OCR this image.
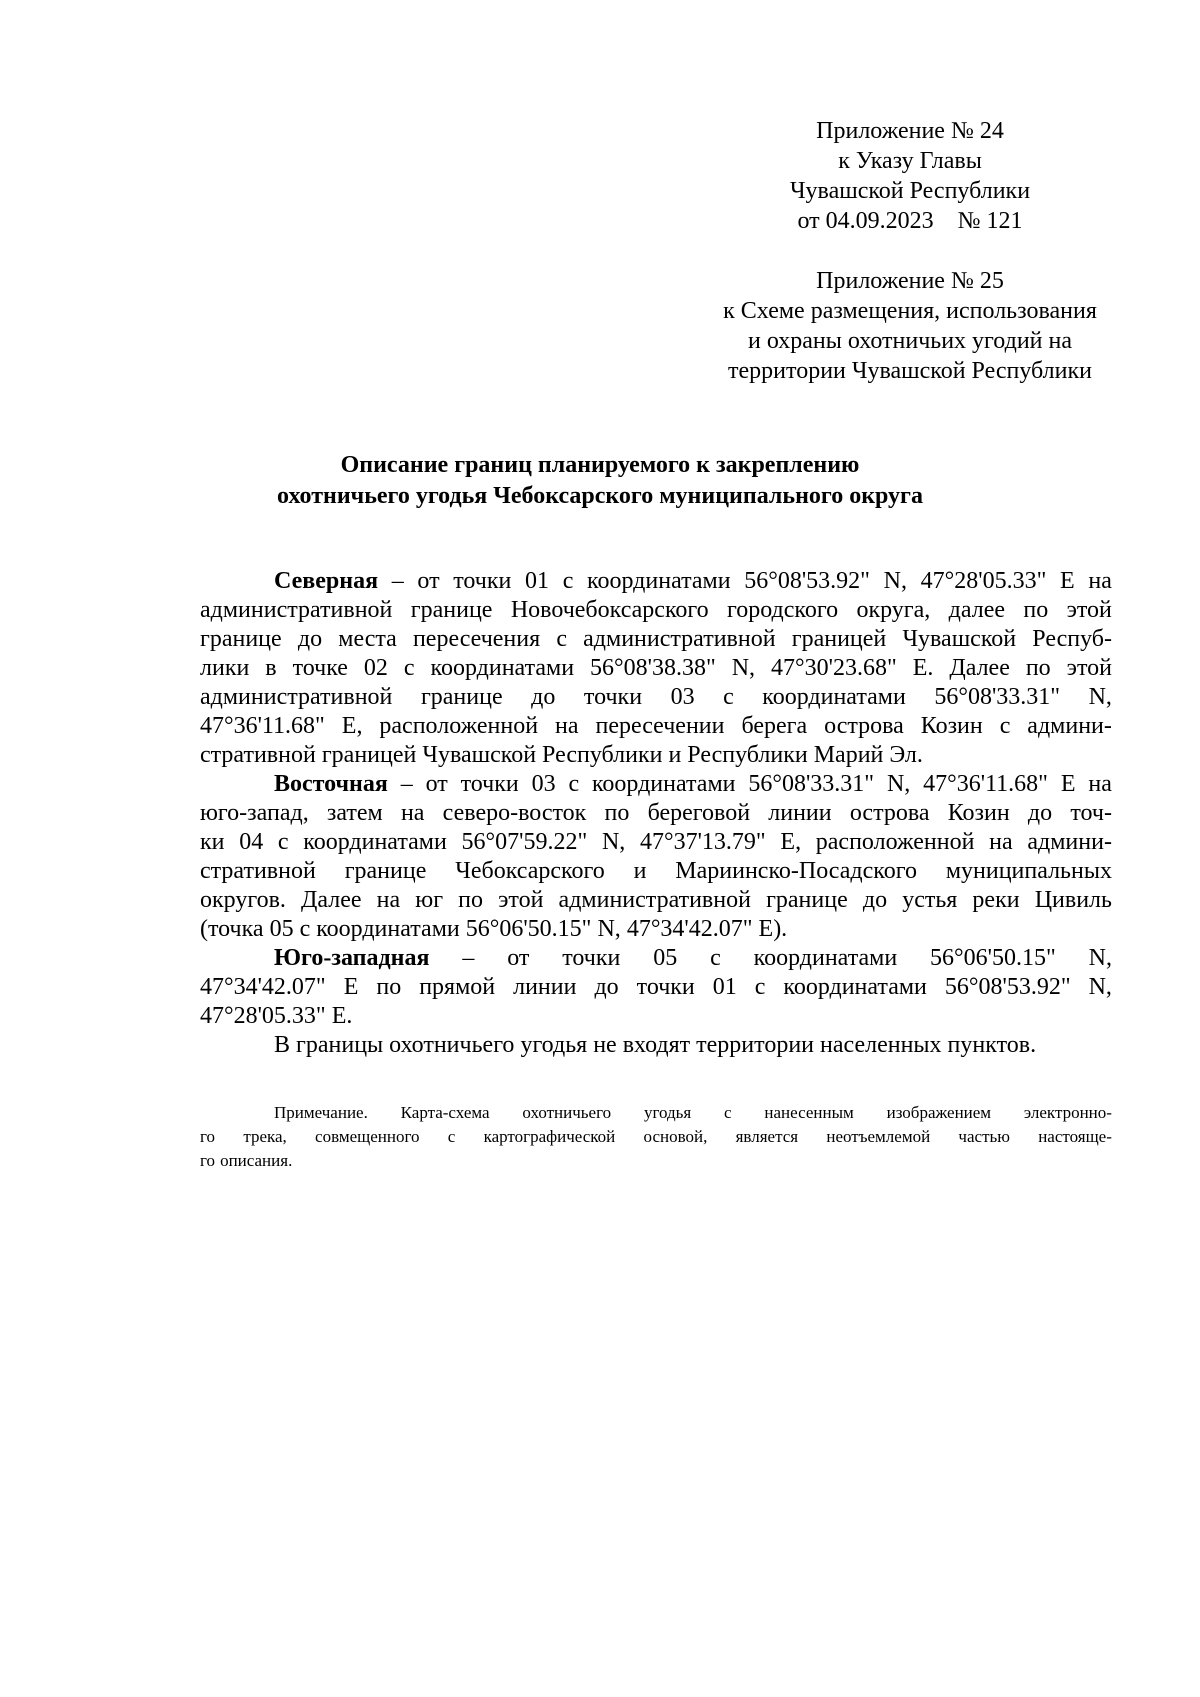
Приложение № 24
к Указу Главы
Чувашской Республики
от 04.09.2023    № 121
Приложение № 25
к Схеме размещения, использования
и охраны охотничьих угодий на
территории Чувашской Республики
Описание границ планируемого к закреплению
охотничьего угодья Чебоксарского муниципального округа
Северная – от точки 01 с координатами 56°08'53.92" N, 47°28'05.33" E на
административной границе Новочебоксарского городского округа, далее по этой
границе до места пересечения с административной границей Чувашской Респуб-
лики в точке 02 с координатами 56°08'38.38" N, 47°30'23.68" E. Далее по этой
административной границе до точки 03 с координатами 56°08'33.31" N,
47°36'11.68" E, расположенной на пересечении берега острова Козин с админи-
стративной границей Чувашской Республики и Республики Марий Эл.
Восточная – от точки 03 с координатами 56°08'33.31" N, 47°36'11.68" E на
юго-запад, затем на северо-восток по береговой линии острова Козин до точ-
ки 04 с координатами 56°07'59.22" N, 47°37'13.79" E, расположенной на админи-
стративной границе Чебоксарского и Мариинско-Посадского муниципальных
округов. Далее на юг по этой административной границе до устья реки Цивиль
(точка 05 с координатами 56°06'50.15" N, 47°34'42.07" E).
Юго-западная – от точки 05 с координатами 56°06'50.15" N,
47°34'42.07" E по прямой линии до точки 01 с координатами 56°08'53.92" N,
47°28'05.33" E.
В границы охотничьего угодья не входят территории населенных пунктов.
Примечание. Карта-схема охотничьего угодья с нанесенным изображением электронно-
го трека, совмещенного с картографической основой, является неотъемлемой частью настояще-
го описания.
